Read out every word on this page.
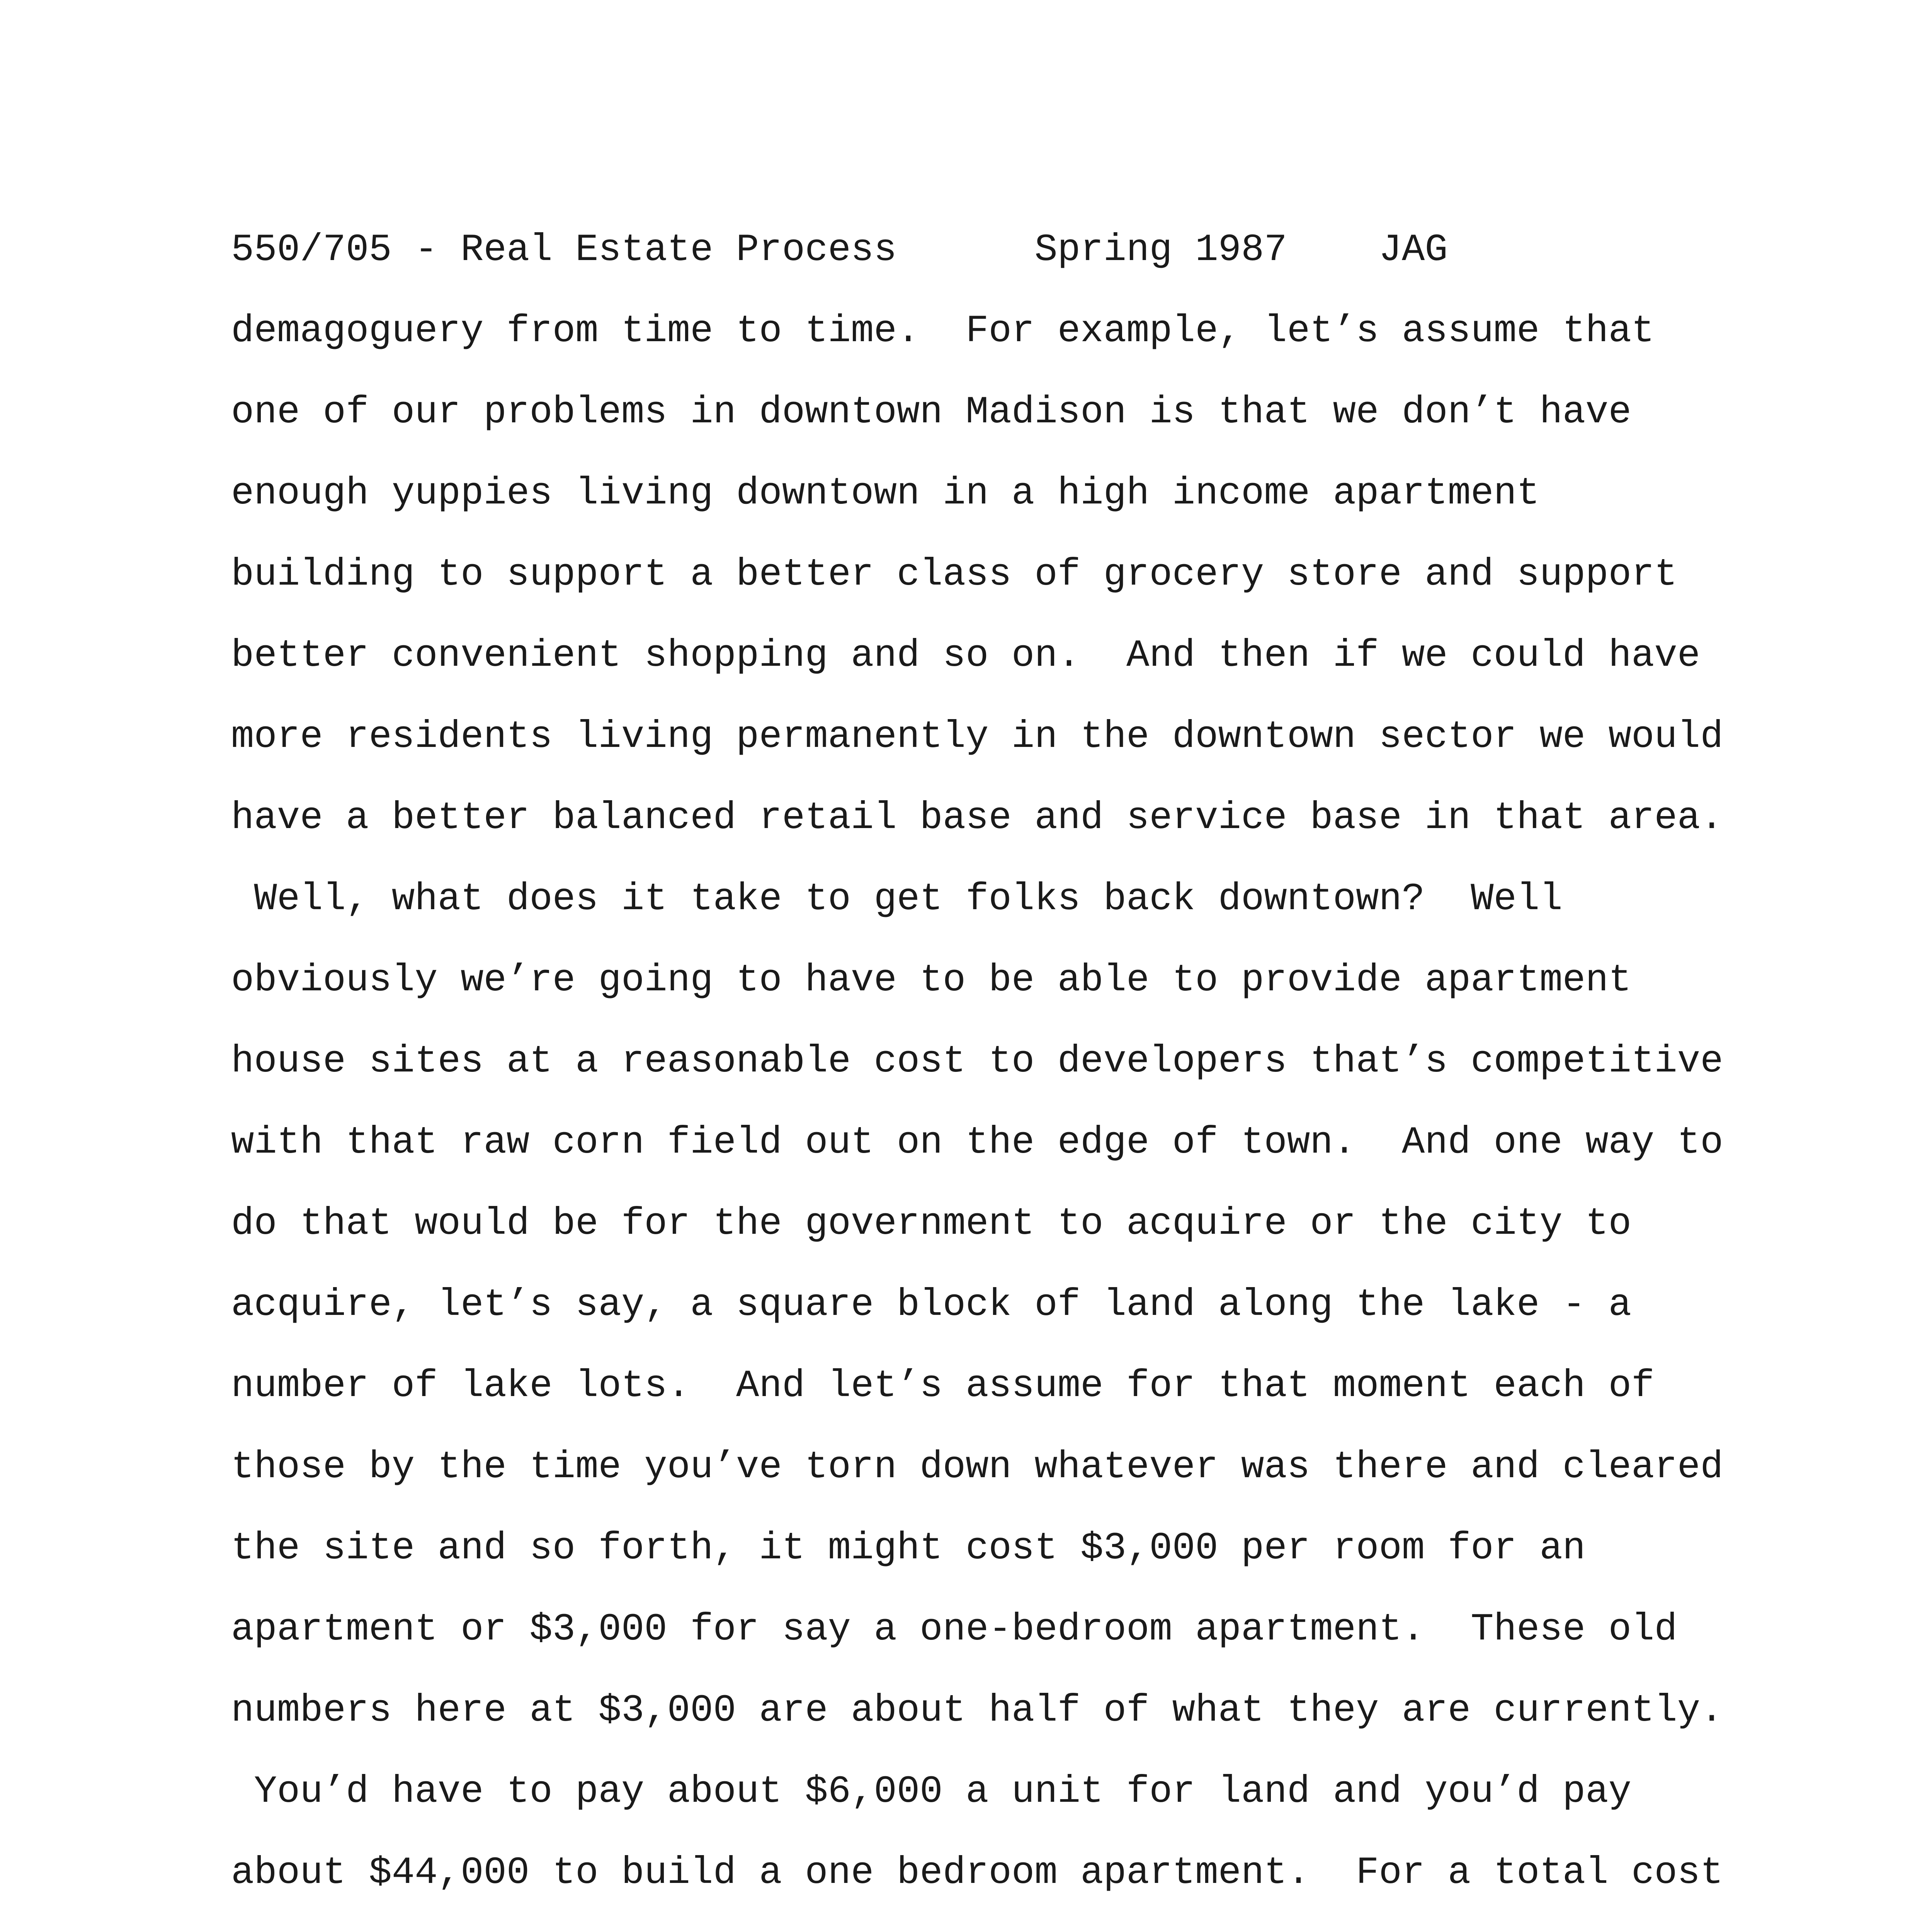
550/705 - Real Estate Process	Spring 1987 JAG
demagoguery from time to time.  For example, let’s assume that
one of our problems in downtown Madison is that we don’t have
enough yuppies living downtown in a high income apartment
building to support a better class of grocery store and support
better convenient shopping and so on.  And then if we could have
more residents living permanently in the downtown sector we would
have a better balanced retail base and service base in that area.
Well, what does it take to get folks back downtown?  Well
obviously we’re going to have to be able to provide apartment
house sites at a reasonable cost to developers that’s competitive
with that raw corn field out on the edge of town.  And one way to
do that would be for the government to acquire or the city to
acquire, let’s say, a square block of land along the lake - a
number of lake lots.  And let’s assume for that moment each of
those by the time you’ve torn down whatever was there and cleared
the site and so forth, it might cost $3,000 per room for an
apartment or $3,000 for say a one-bedroom apartment.  These old
numbers here at $3,000 are about half of what they are currently.
You’d have to pay about $6,000 a unit for land and you’d pay
about $44,000 to build a one bedroom apartment.  For a total cost
